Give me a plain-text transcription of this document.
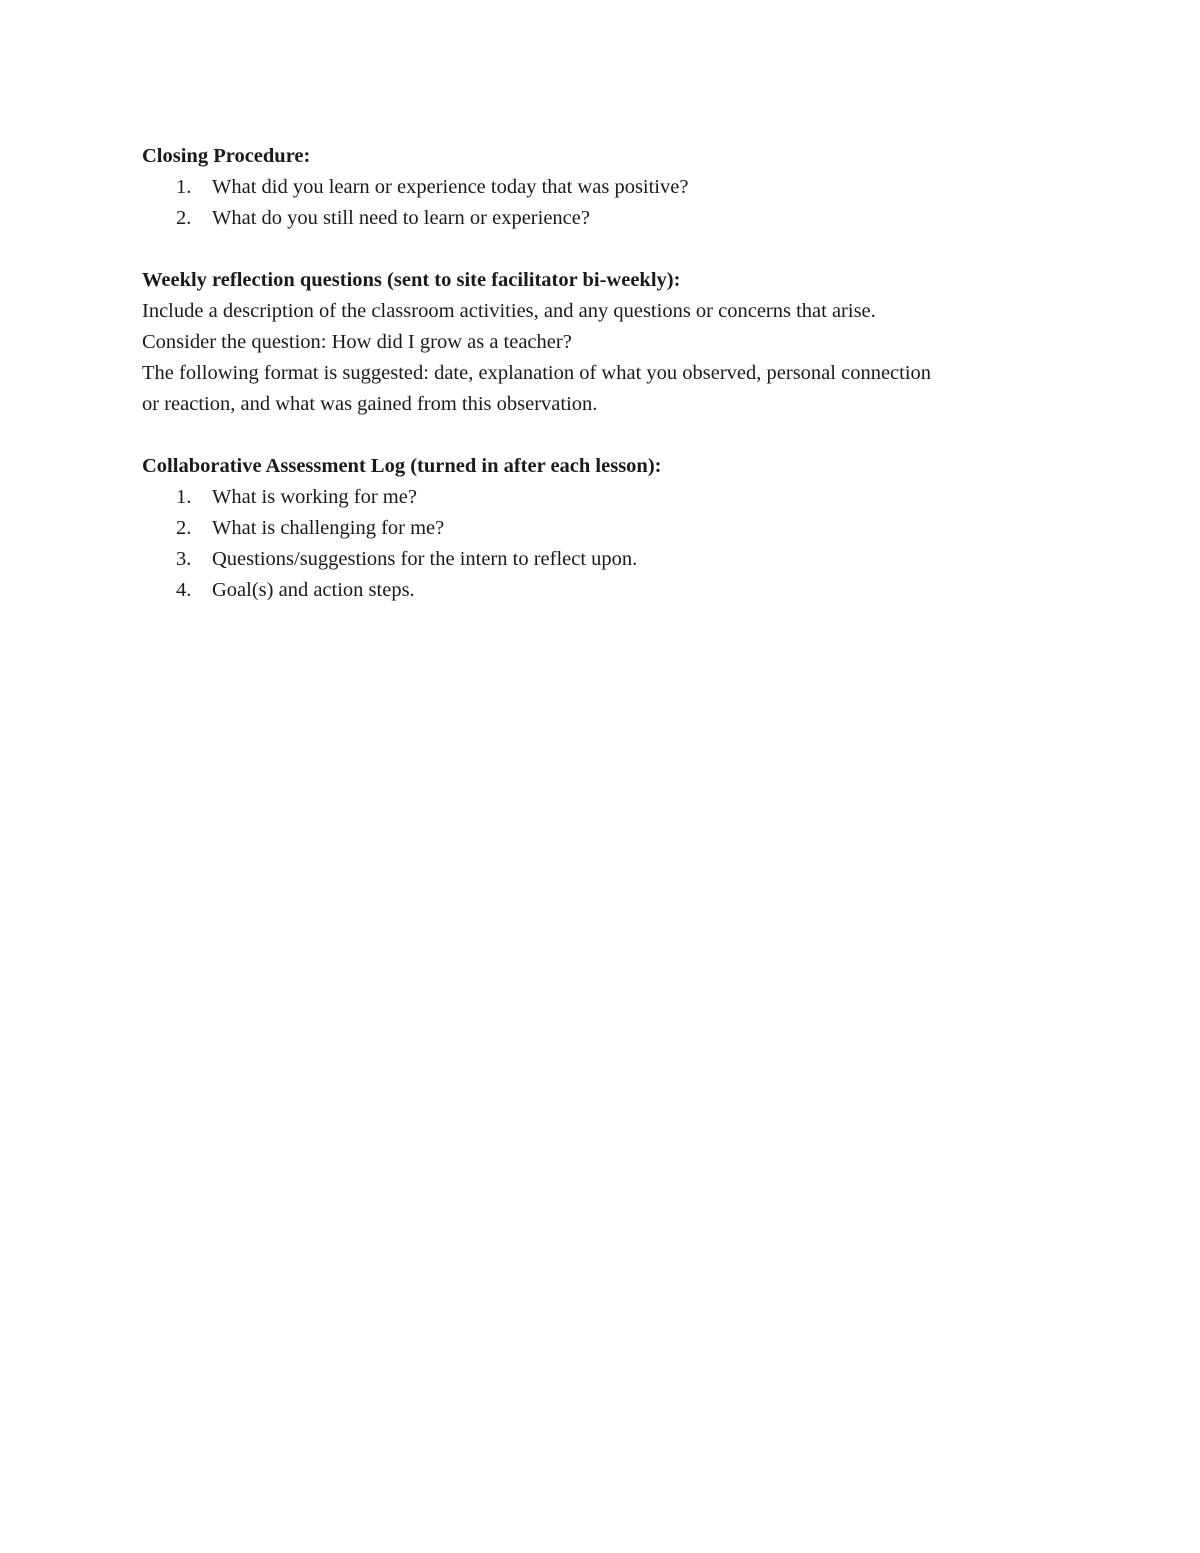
Closing Procedure:

1.	What did you learn or experience today that was positive?
2.	What do you still need to learn or experience?

Weekly reflection questions (sent to site facilitator bi-weekly):

Include a description of the classroom activities, and any questions or concerns that arise.

Consider the question: How did I grow as a teacher?

The following format is suggested: date, explanation of what you observed, personal connection

or reaction, and what was gained from this observation.

Collaborative Assessment Log (turned in after each lesson):

1.	What is working for me?
2.	What is challenging for me?
3.	Questions/suggestions for the intern to reflect upon.
4.	Goal(s) and action steps.
